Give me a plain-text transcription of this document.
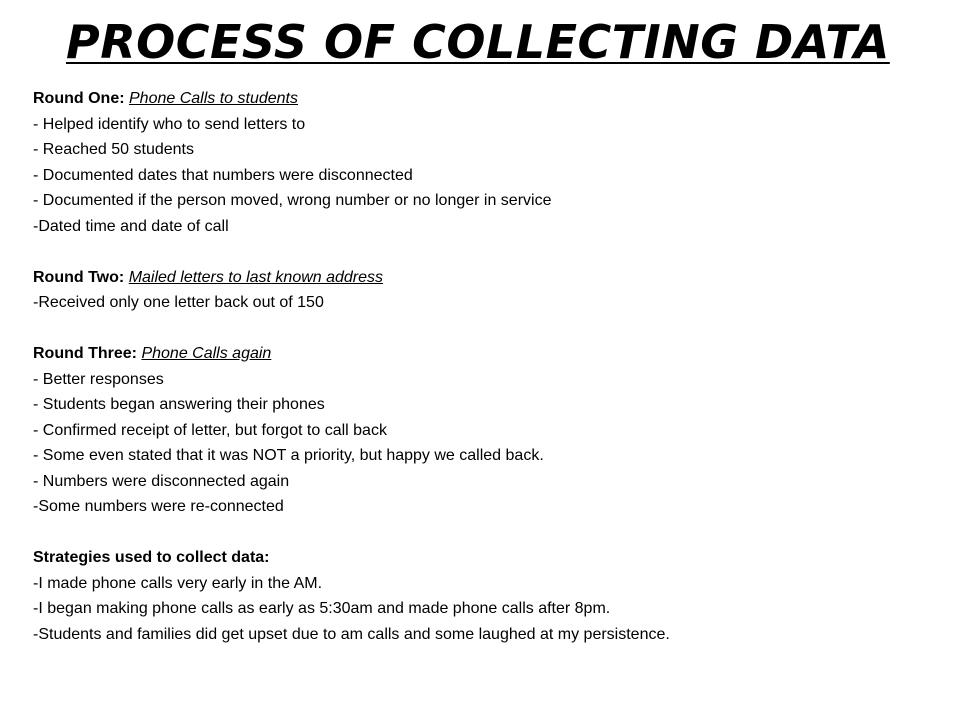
PROCESS OF COLLECTING DATA
Round One: Phone Calls to students
- Helped identify who to send letters to
- Reached 50 students
- Documented dates that numbers were disconnected
- Documented if the person moved, wrong number or no longer in service
-Dated time and date of call
Round Two: Mailed letters to last known address
-Received only one letter back out of 150
Round Three: Phone Calls again
- Better responses
- Students began answering their phones
- Confirmed receipt of letter, but forgot to call back
- Some even stated that it was NOT a priority, but happy we called back.
- Numbers were disconnected again
-Some numbers were re-connected
Strategies used to collect data:
-I made phone calls very early in the AM.
-I began making phone calls as early as 5:30am and made phone calls after 8pm.
-Students and families did get upset due to am calls and some laughed at my persistence.
